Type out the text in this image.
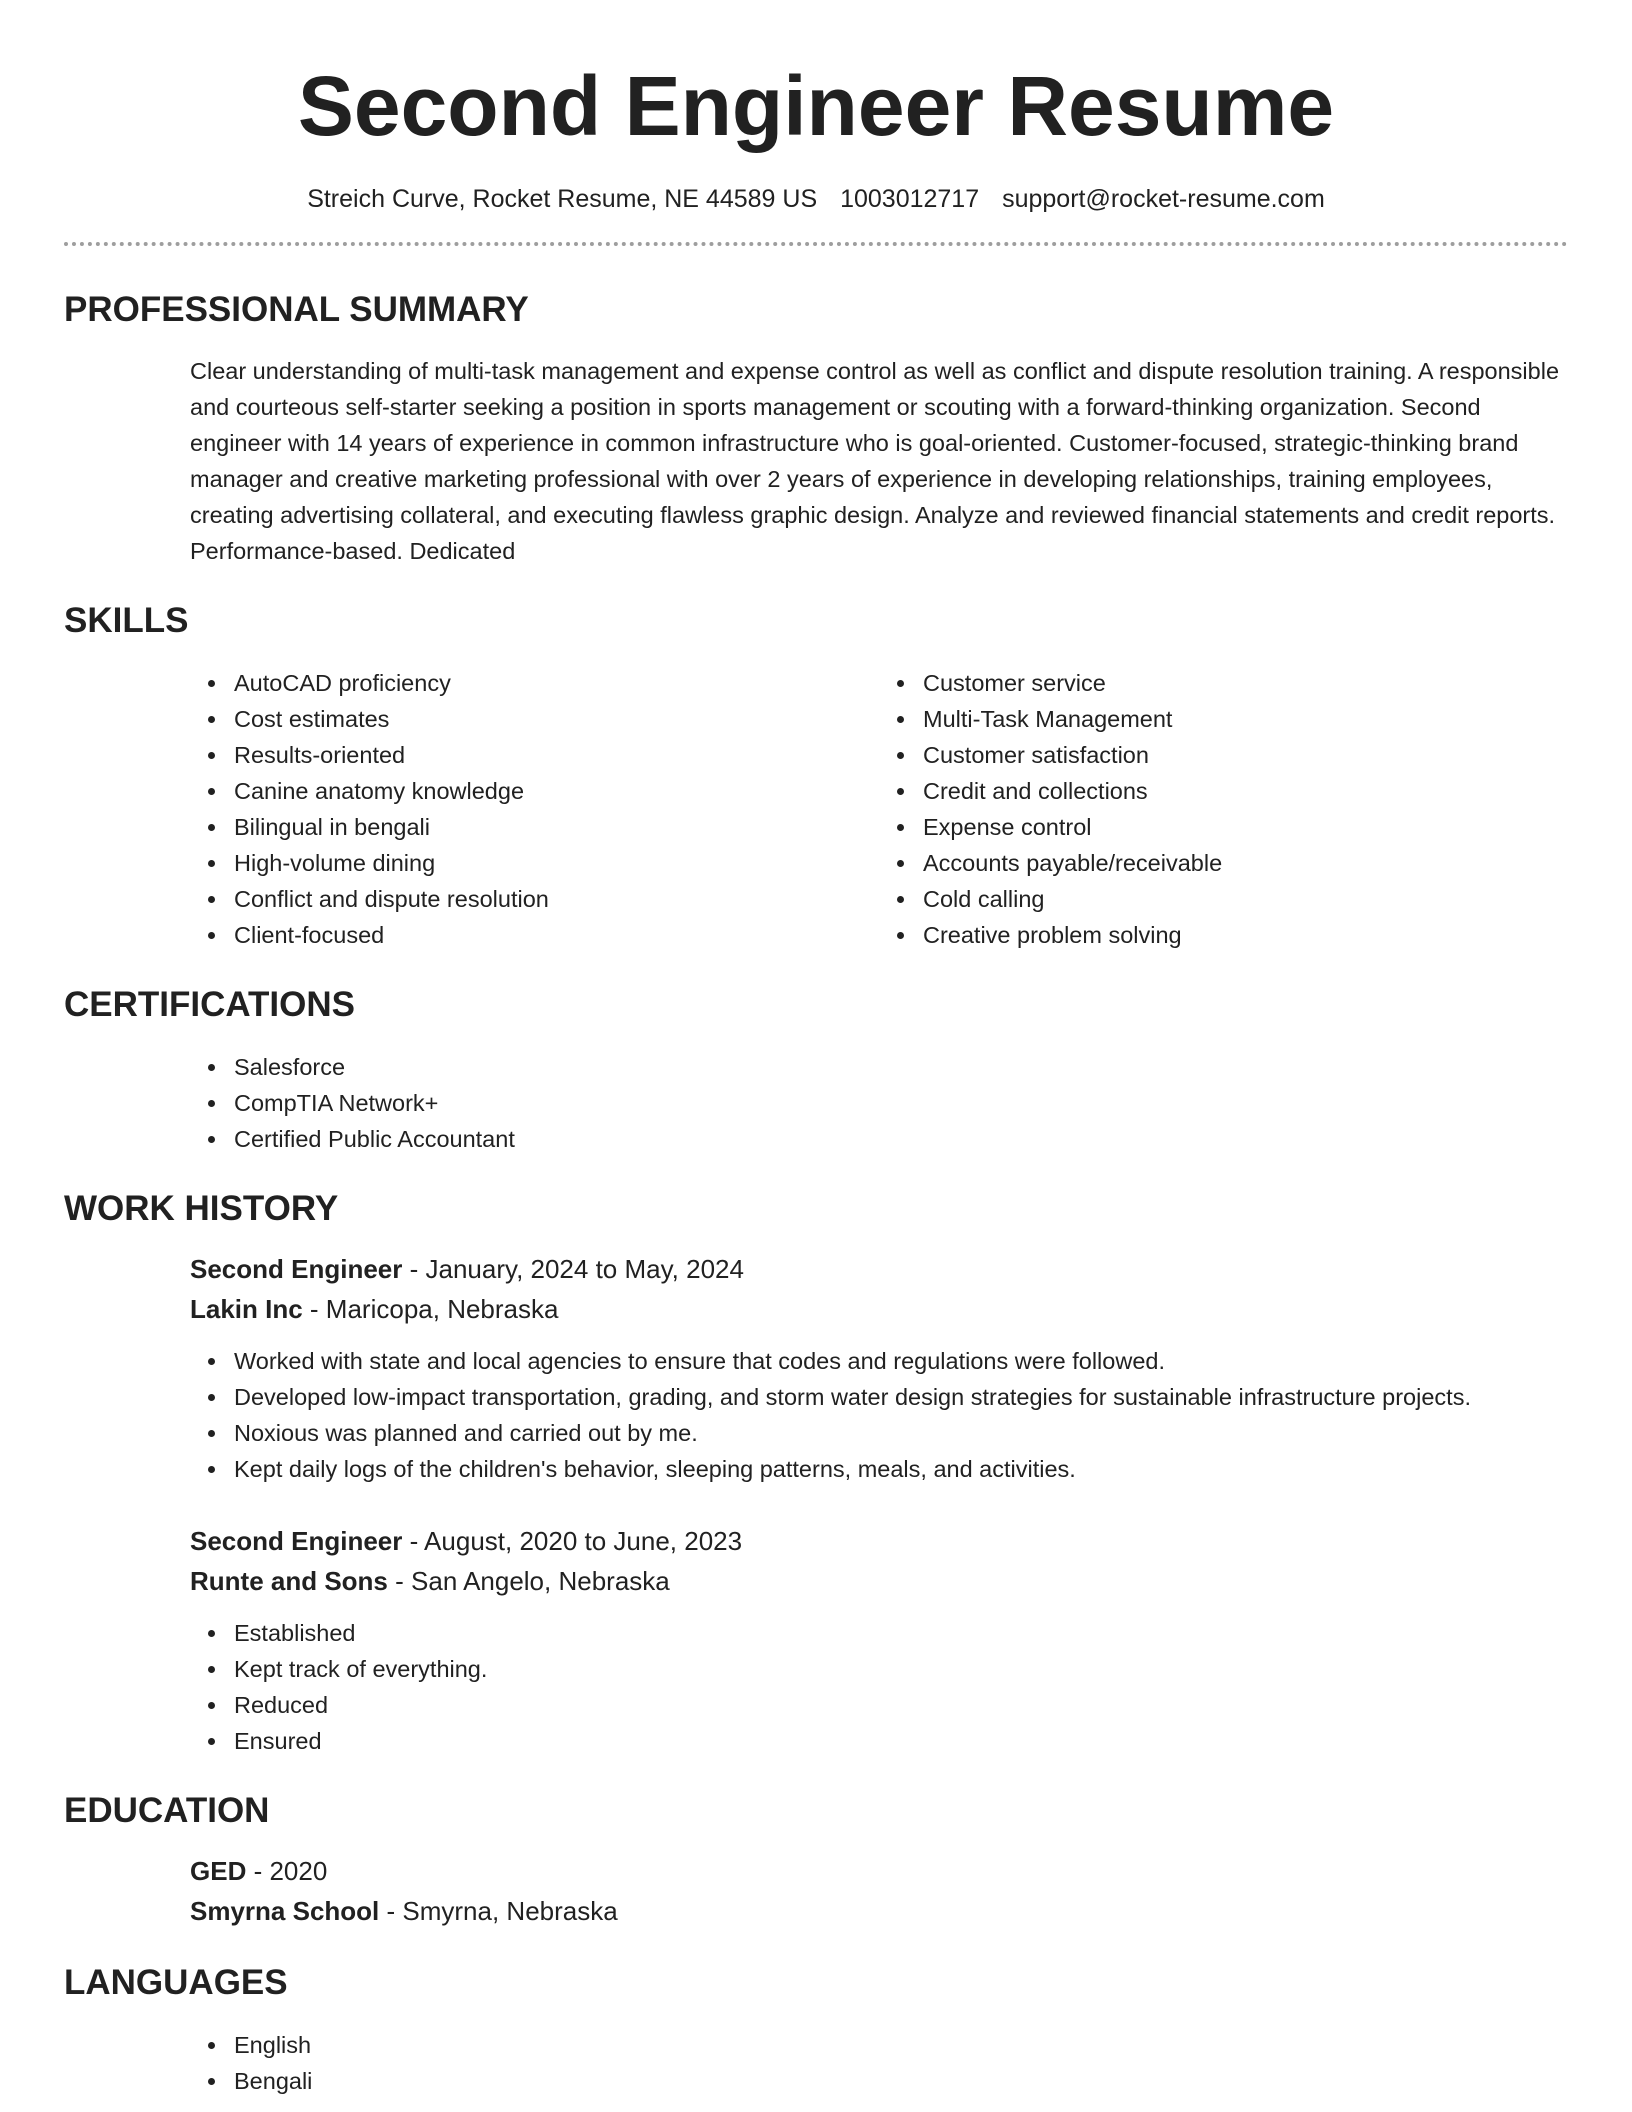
Second Engineer Resume
Streich Curve, Rocket Resume, NE 44589 US 1003012717 support@rocket-resume.com
PROFESSIONAL SUMMARY

Clear understanding of multi-task management and expense control as well as conflict and dispute resolution training. A responsible and courteous self-starter seeking a position in sports management or scouting with a forward-thinking organization. Second engineer with 14 years of experience in common infrastructure who is goal-oriented. Customer-focused, strategic-thinking brand manager and creative marketing professional with over 2 years of experience in developing relationships, training employees, creating advertising collateral, and executing flawless graphic design. Analyze and reviewed financial statements and credit reports. Performance-based. Dedicated

SKILLS
AutoCAD proficiency
Cost estimates
Results-oriented
Canine anatomy knowledge
Bilingual in bengali
High-volume dining
Conflict and dispute resolution
Client-focused
Customer service
Multi-Task Management
Customer satisfaction
Credit and collections
Expense control
Accounts payable/receivable
Cold calling
Creative problem solving
CERTIFICATIONS
Salesforce
CompTIA Network+
Certified Public Accountant
WORK HISTORY
Second Engineer - January, 2024 to May, 2024
Lakin Inc - Maricopa, Nebraska
Worked with state and local agencies to ensure that codes and regulations were followed.
Developed low-impact transportation, grading, and storm water design strategies for sustainable infrastructure projects.
Noxious was planned and carried out by me.
Kept daily logs of the children's behavior, sleeping patterns, meals, and activities.
Second Engineer - August, 2020 to June, 2023
Runte and Sons - San Angelo, Nebraska
Established
Kept track of everything.
Reduced
Ensured
EDUCATION
GED - 2020
Smyrna School - Smyrna, Nebraska
LANGUAGES
English
Bengali
